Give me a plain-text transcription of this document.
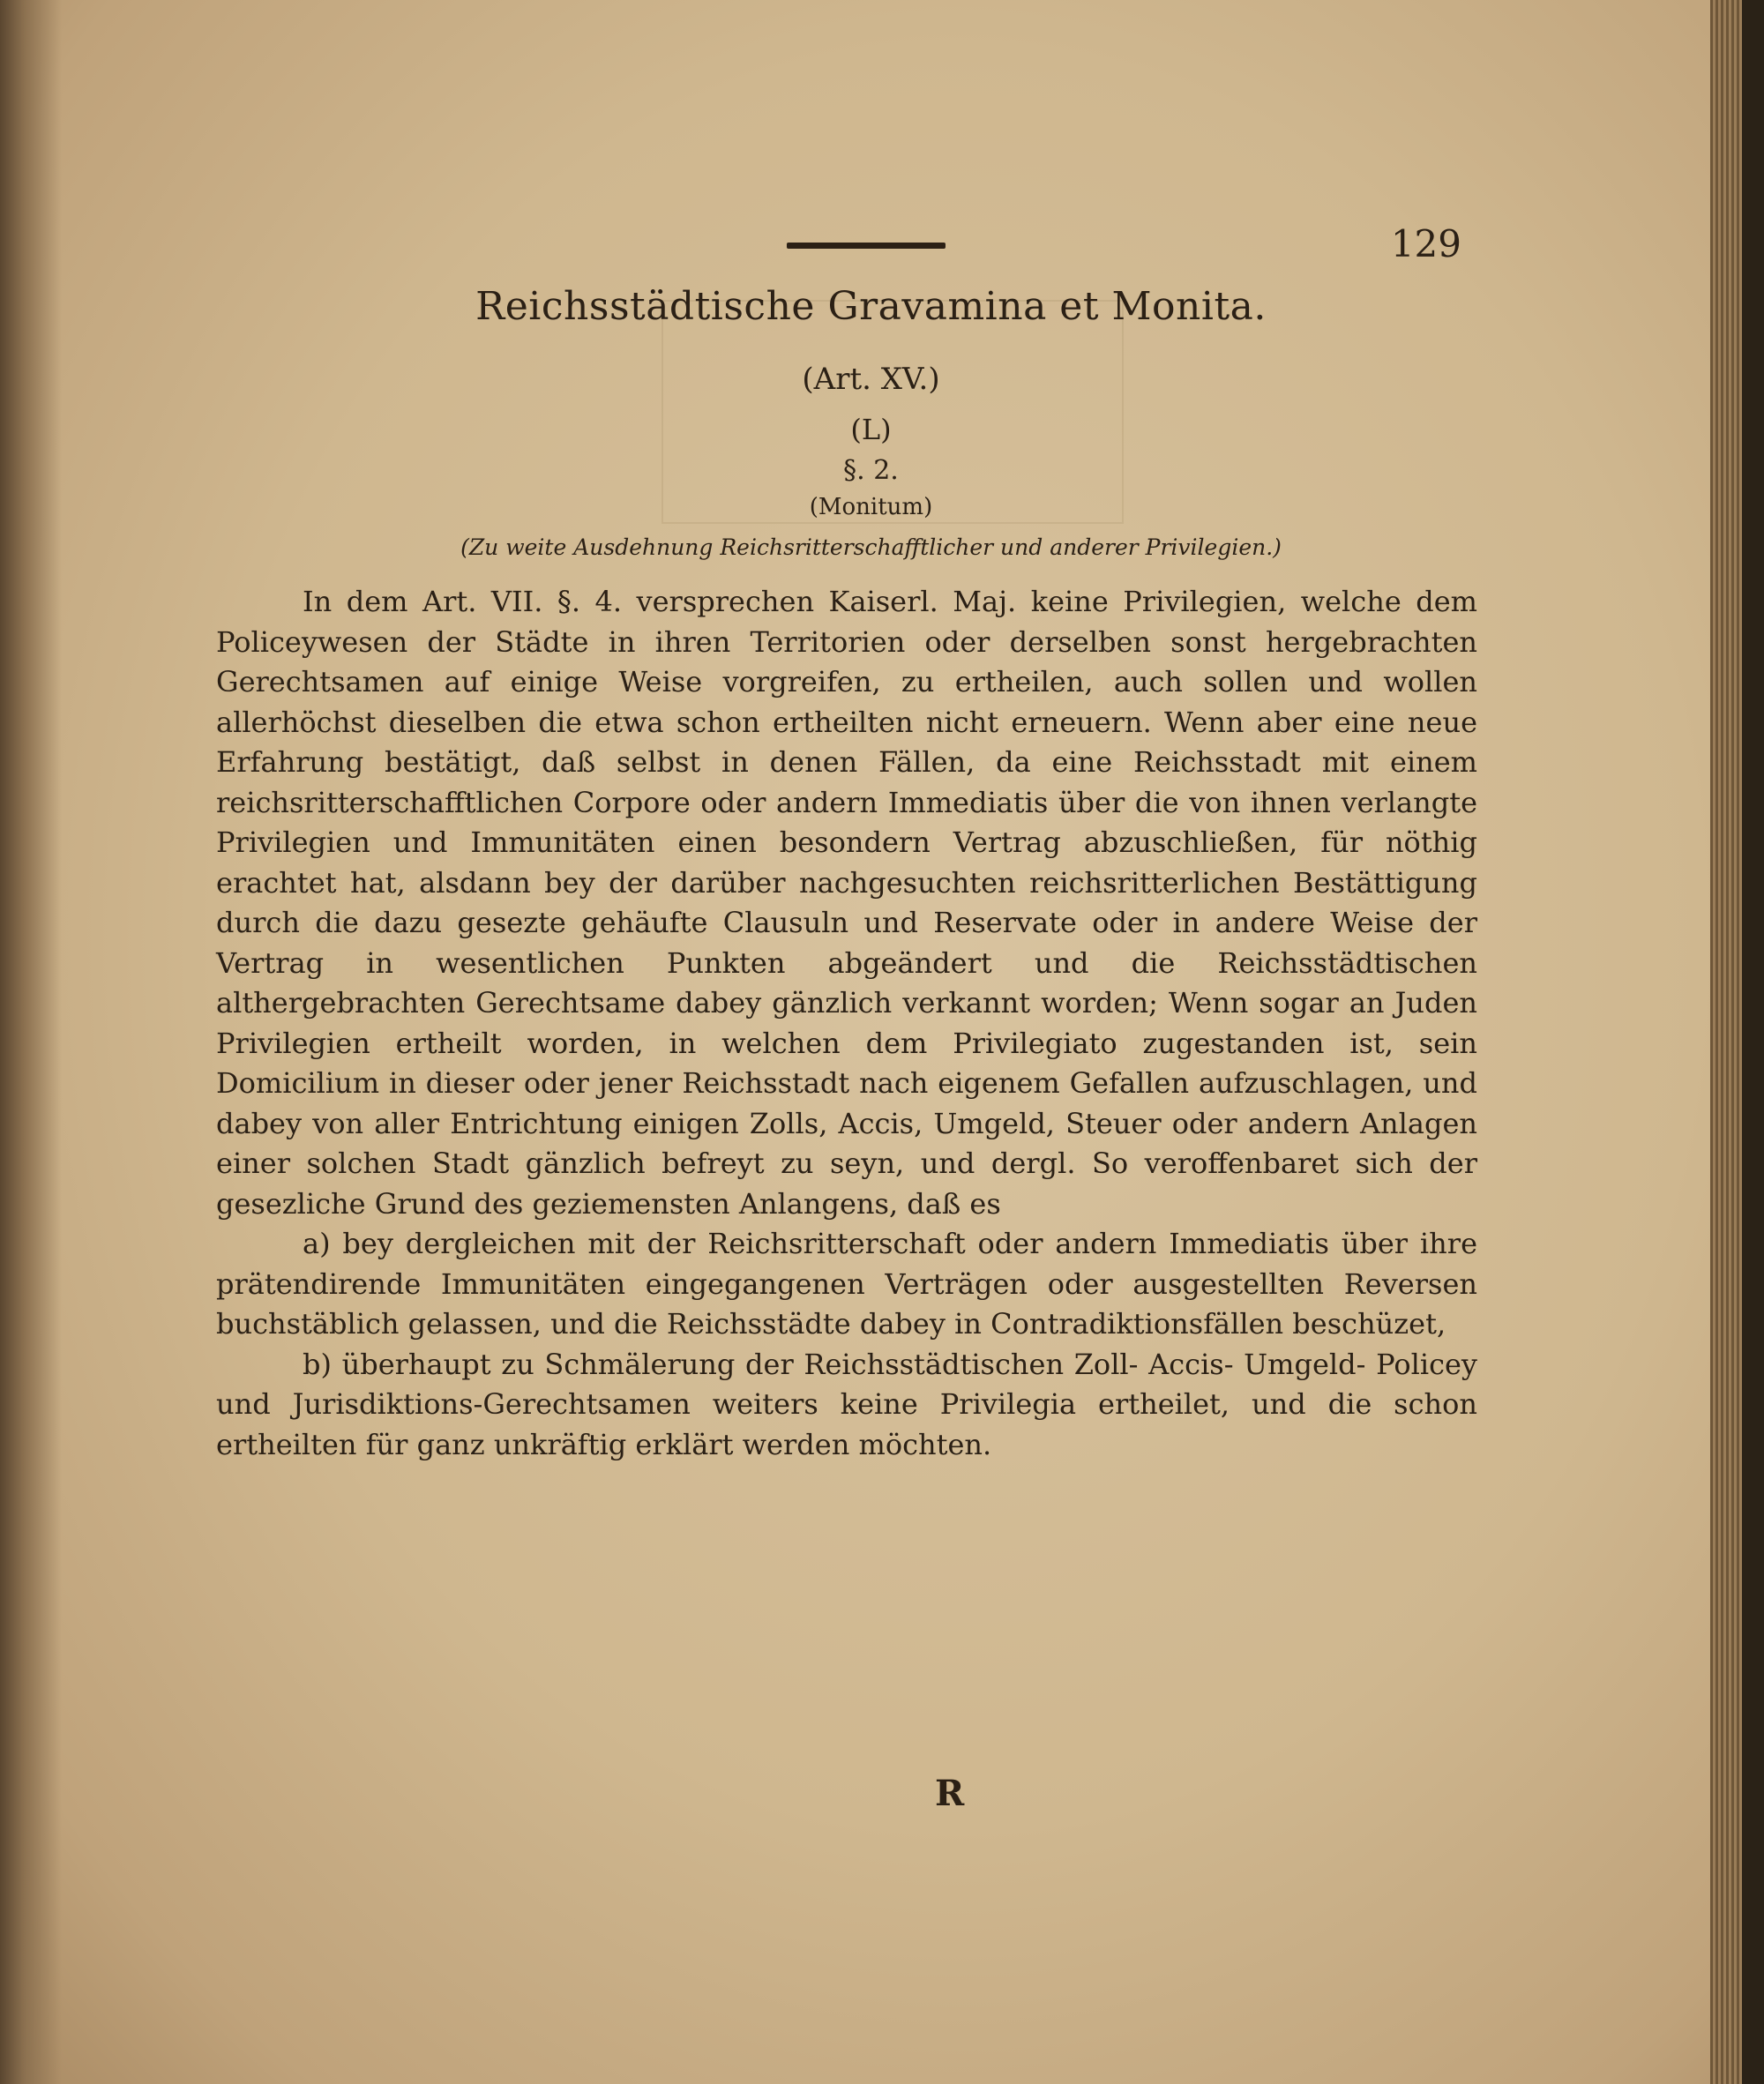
129
Reichsstädtische Gravamina et Monita.
(Art. XV.)
(L)
§. 2.
(Monitum)
(Zu weite Ausdehnung Reichsritterschafftlicher und anderer Privilegien.)

In dem Art. VII. §. 4. versprechen Kaiserl. Maj. keine Privilegien, welche dem Policeywesen der Städte in ihren Territorien oder derselben sonst hergebrachten Gerechtsamen auf einige Weise vorgreifen, zu ertheilen, auch sollen und wollen allerhöchst dieselben die etwa schon ertheilten nicht erneuern. Wenn aber eine neue Erfahrung bestätigt, daß selbst in denen Fällen, da eine Reichsstadt mit einem reichsritterschafftlichen Corpore oder andern Immediatis über die von ihnen verlangte Privilegien und Immunitäten einen besondern Vertrag abzuschließen, für nöthig erachtet hat, alsdann bey der darüber nachgesuchten reichsritterlichen Bestättigung durch die dazu gesezte gehäufte Clausuln und Reservate oder in andere Weise der Vertrag in wesentlichen Punkten abgeändert und die Reichsstädtischen althergebrachten Gerechtsame dabey gänzlich verkannt worden; Wenn sogar an Juden Privilegien ertheilt worden, in welchen dem Privilegiato zugestanden ist, sein Domicilium in dieser oder jener Reichsstadt nach eigenem Gefallen aufzuschlagen, und dabey von aller Entrichtung einigen Zolls, Accis, Umgeld, Steuer oder andern Anlagen einer solchen Stadt gänzlich befreyt zu seyn, und dergl. So veroffenbaret sich der gesezliche Grund des geziemensten Anlangens, daß es

a) bey dergleichen mit der Reichsritterschaft oder andern Immediatis über ihre prätendirende Immunitäten eingegangenen Verträgen oder ausgestellten Reversen buchstäblich gelassen, und die Reichsstädte dabey in Contradiktionsfällen beschüzet,

b) überhaupt zu Schmälerung der Reichsstädtischen Zoll- Accis- Umgeld- Policey und Jurisdiktions-Gerechtsamen weiters keine Privilegia ertheilet, und die schon ertheilten für ganz unkräftig erklärt werden möchten.

R
